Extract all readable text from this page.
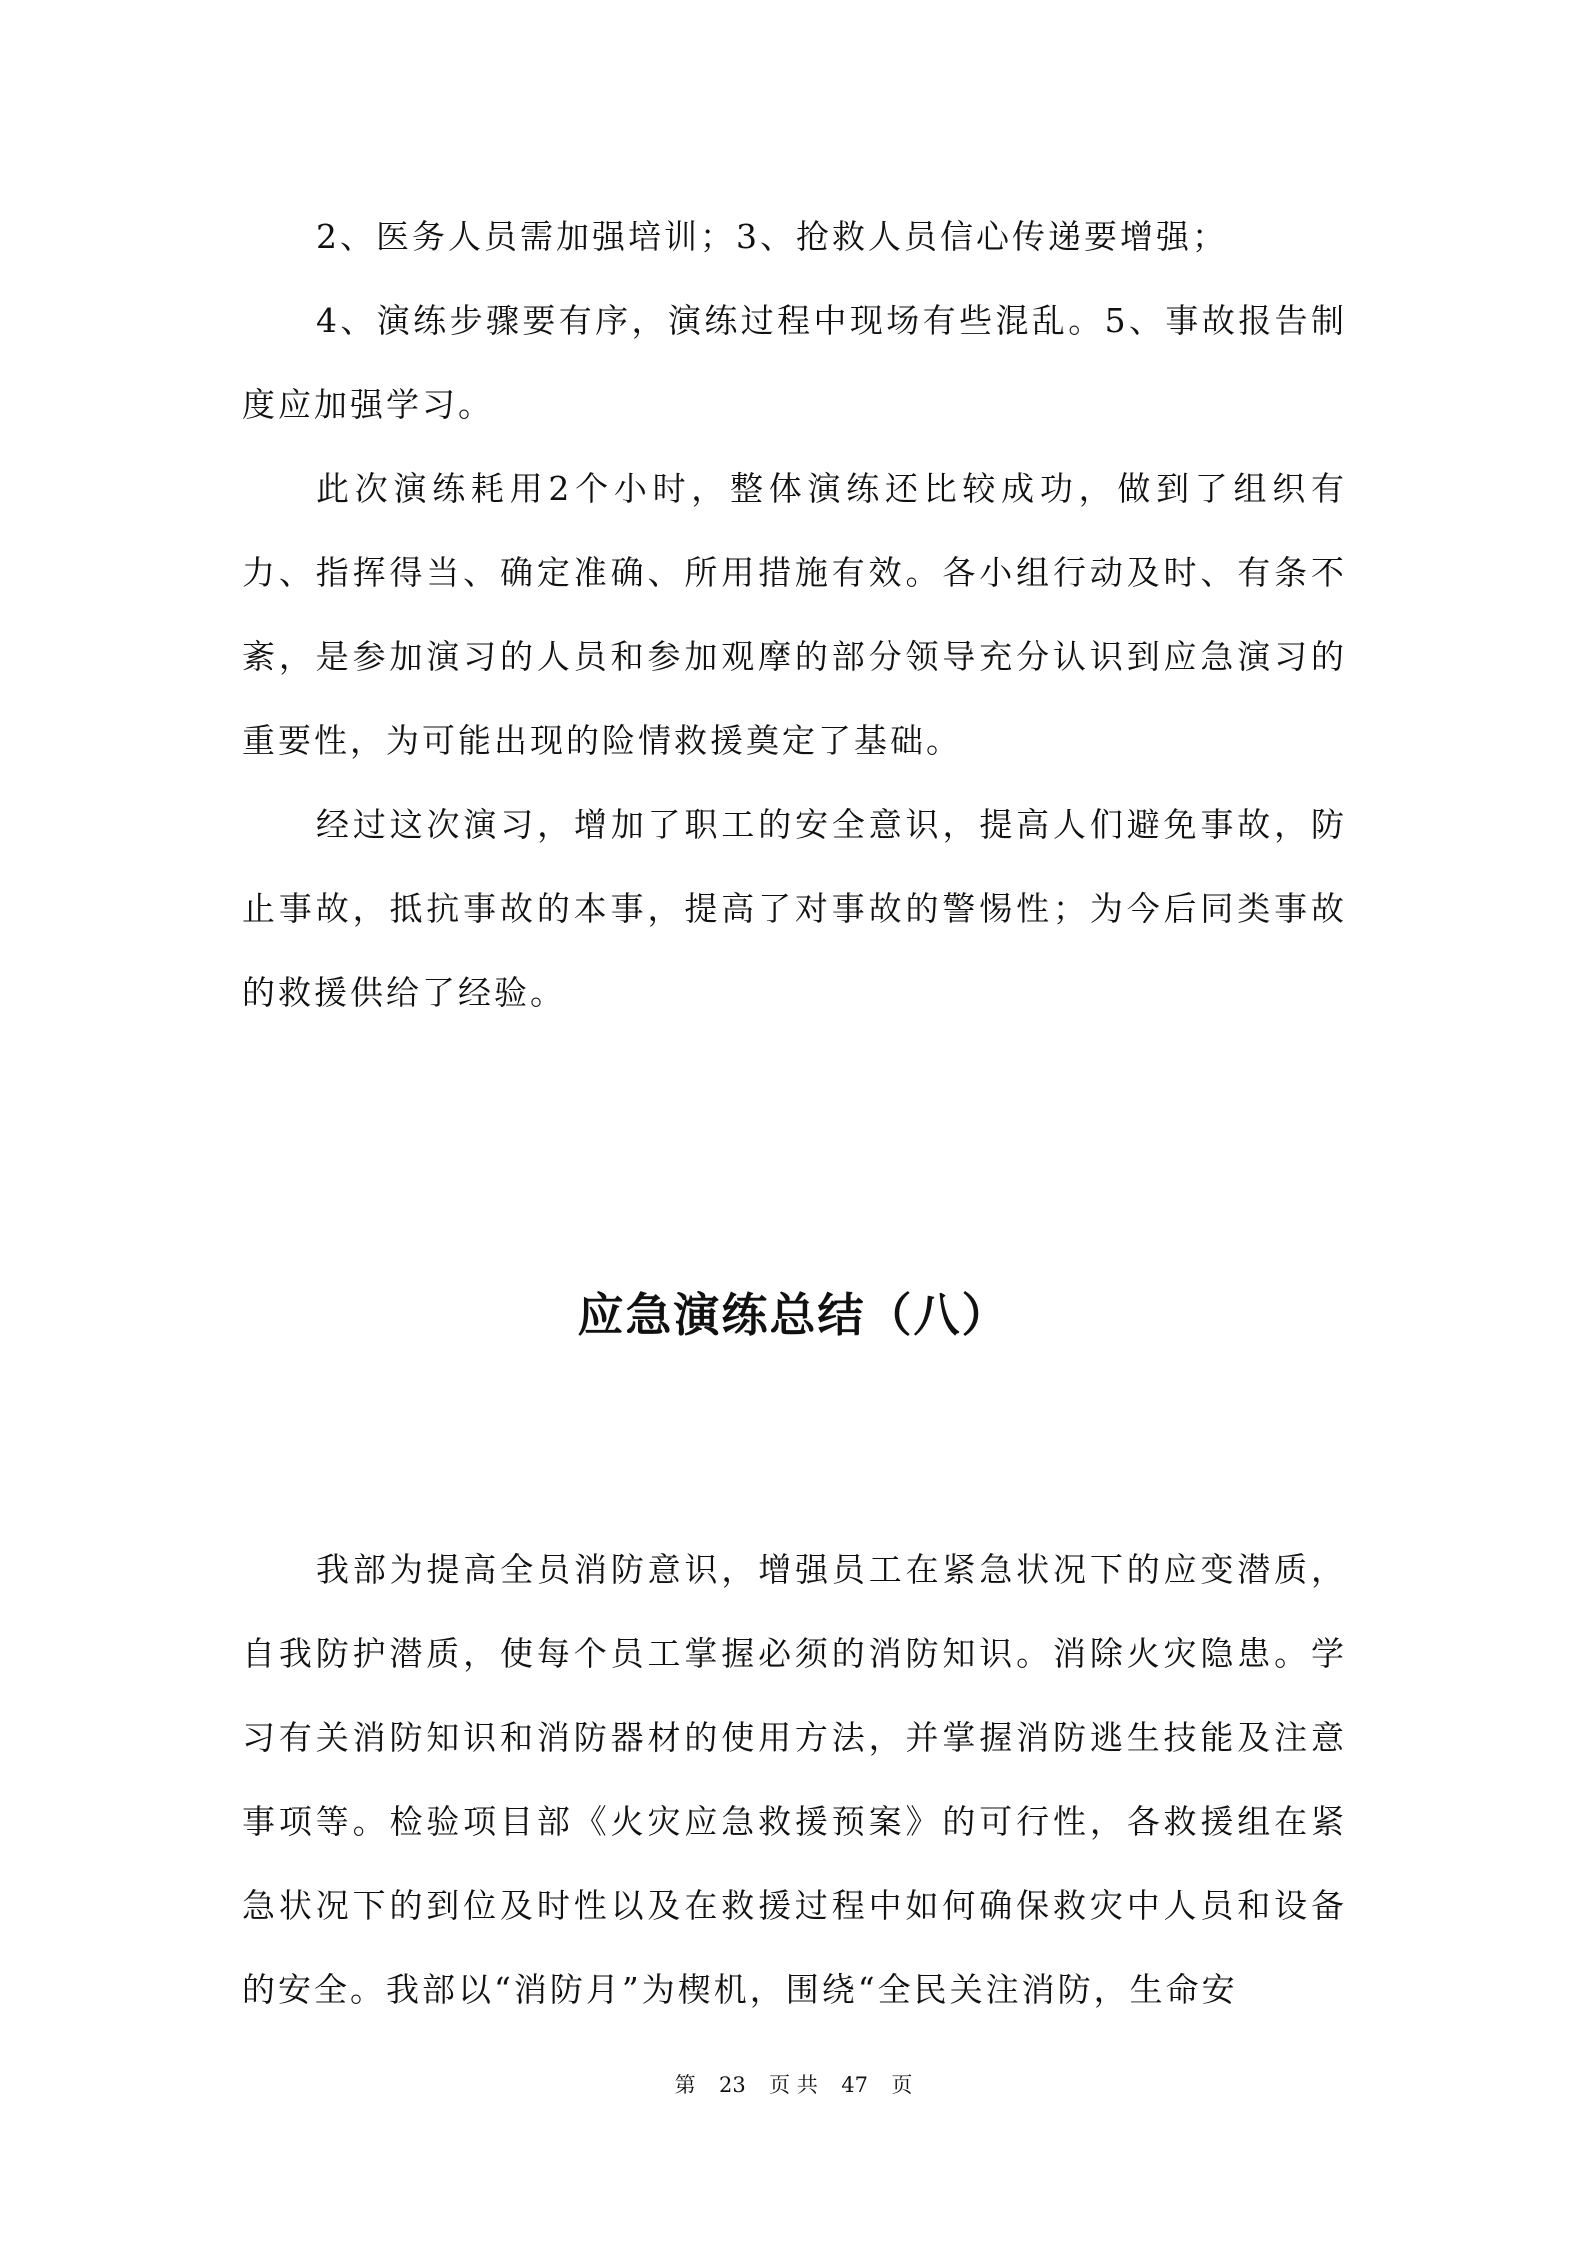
2、医务人员需加强培训；3、抢救人员信心传递要增强；

4、演练步骤要有序，演练过程中现场有些混乱。5、事故报告制度应加强学习。

此次演练耗用2个小时，整体演练还比较成功，做到了组织有力、指挥得当、确定准确、所用措施有效。各小组行动及时、有条不紊，是参加演习的人员和参加观摩的部分领导充分认识到应急演习的重要性，为可能出现的险情救援奠定了基础。

经过这次演习，增加了职工的安全意识，提高人们避免事故，防止事故，抵抗事故的本事，提高了对事故的警惕性；为今后同类事故的救援供给了经验。

应急演练总结（八）

我部为提高全员消防意识，增强员工在紧急状况下的应变潜质，自我防护潜质，使每个员工掌握必须的消防知识。消除火灾隐患。学习有关消防知识和消防器材的使用方法，并掌握消防逃生技能及注意事项等。检验项目部《火灾应急救援预案》的可行性，各救援组在紧急状况下的到位及时性以及在救援过程中如何确保救灾中人员和设备的安全。我部以“消防月”为楔机，围绕“全民关注消防，生命安

第 23 页 共 47 页
